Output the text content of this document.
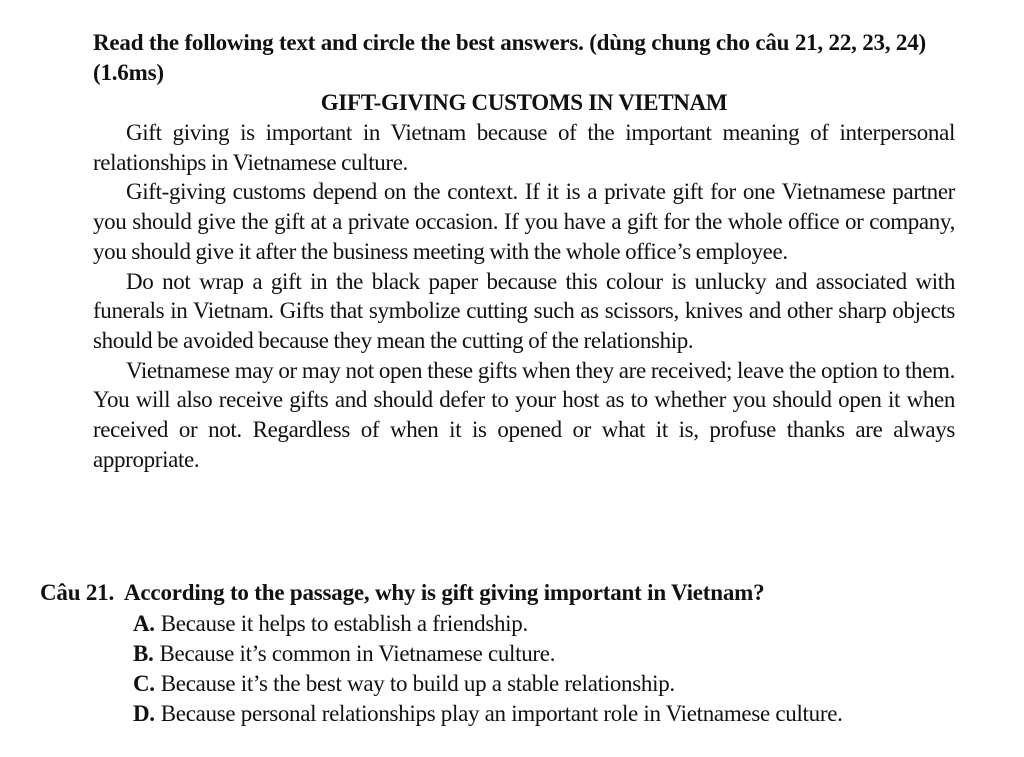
Read the following text and circle the best answers. (dùng chung cho câu 21, 22, 23, 24) (1.6ms)
GIFT-GIVING CUSTOMS IN VIETNAM

Gift giving is important in Vietnam because of the important meaning of interpersonal relationships in Vietnamese culture.

Gift-giving customs depend on the context. If it is a private gift for one Vietnamese partner you should give the gift at a private occasion. If you have a gift for the whole office or company, you should give it after the business meeting with the whole office’s employee.

Do not wrap a gift in the black paper because this colour is unlucky and associated with funerals in Vietnam. Gifts that symbolize cutting such as scissors, knives and other sharp objects should be avoided because they mean the cutting of the relationship.

Vietnamese may or may not open these gifts when they are received; leave the option to them. You will also receive gifts and should defer to your host as to whether you should open it when received or not. Regardless of when it is opened or what it is, profuse thanks are always appropriate.

Câu 21. According to the passage, why is gift giving important in Vietnam?
A. Because it helps to establish a friendship.
B. Because it’s common in Vietnamese culture.
C. Because it’s the best way to build up a stable relationship.
D. Because personal relationships play an important role in Vietnamese culture.
